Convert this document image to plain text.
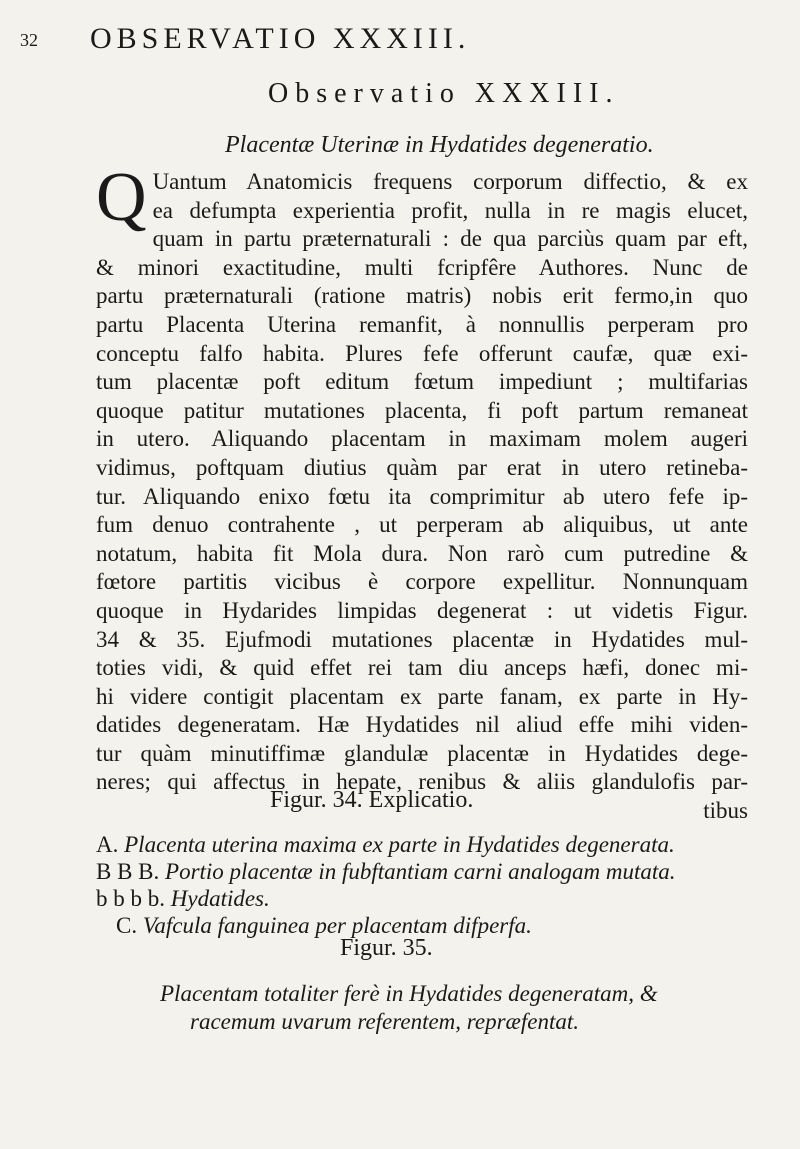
32 OBSERVATIO XXXIII.
Observatio XXXIII.
Placentæ Uterinæ in Hydatides degeneratio.
Q Uantum Anatomicis frequens corporum diffectio, & ex
ea defumpta experientia profit, nulla in re magis elucet,
quam in partu præternaturali : de qua parciùs quam par eft,
& minori exactitudine, multi fcripfêre Authores. Nunc de
partu præternaturali (ratione matris) nobis erit fermo,in quo
partu Placenta Uterina remanfit, à nonnullis perperam pro
conceptu falfo habita. Plures fefe offerunt caufæ, quæ exi-
tum placentæ poft editum fœtum impediunt ; multifarias
quoque patitur mutationes placenta, fi poft partum remaneat
in utero. Aliquando placentam in maximam molem augeri
vidimus, poftquam diutius quàm par erat in utero retineba-
tur. Aliquando enixo fœtu ita comprimitur ab utero fefe ip-
fum denuo contrahente , ut perperam ab aliquibus, ut ante
notatum, habita fit Mola dura. Non rarò cum putredine &
fœtore partitis vicibus è corpore expellitur. Nonnunquam
quoque in Hydarides limpidas degenerat : ut videtis Figur.
34 & 35. Ejufmodi mutationes placentæ in Hydatides mul-
toties vidi, & quid effet rei tam diu anceps hæfi, donec mi-
hi videre contigit placentam ex parte fanam, ex parte in Hy-
datides degeneratam. Hæ Hydatides nil aliud effe mihi viden-
tur quàm minutiffimæ glandulæ placentæ in Hydatides dege-
neres; qui affectus in hepate, renibus & aliis glandulofis par-
tibus
Figur. 34. Explicatio.
A. Placenta uterina maxima ex parte in Hydatides degenerata.
B B B. Portio placentæ in fubftantiam carni analogam mutata.
b b b b. Hydatides.
C. Vafcula fanguinea per placentam difperfa.
Figur. 35.
Placentam totaliter ferè in Hydatides degeneratam, &
racemum uvarum referentem, repræfentat.
